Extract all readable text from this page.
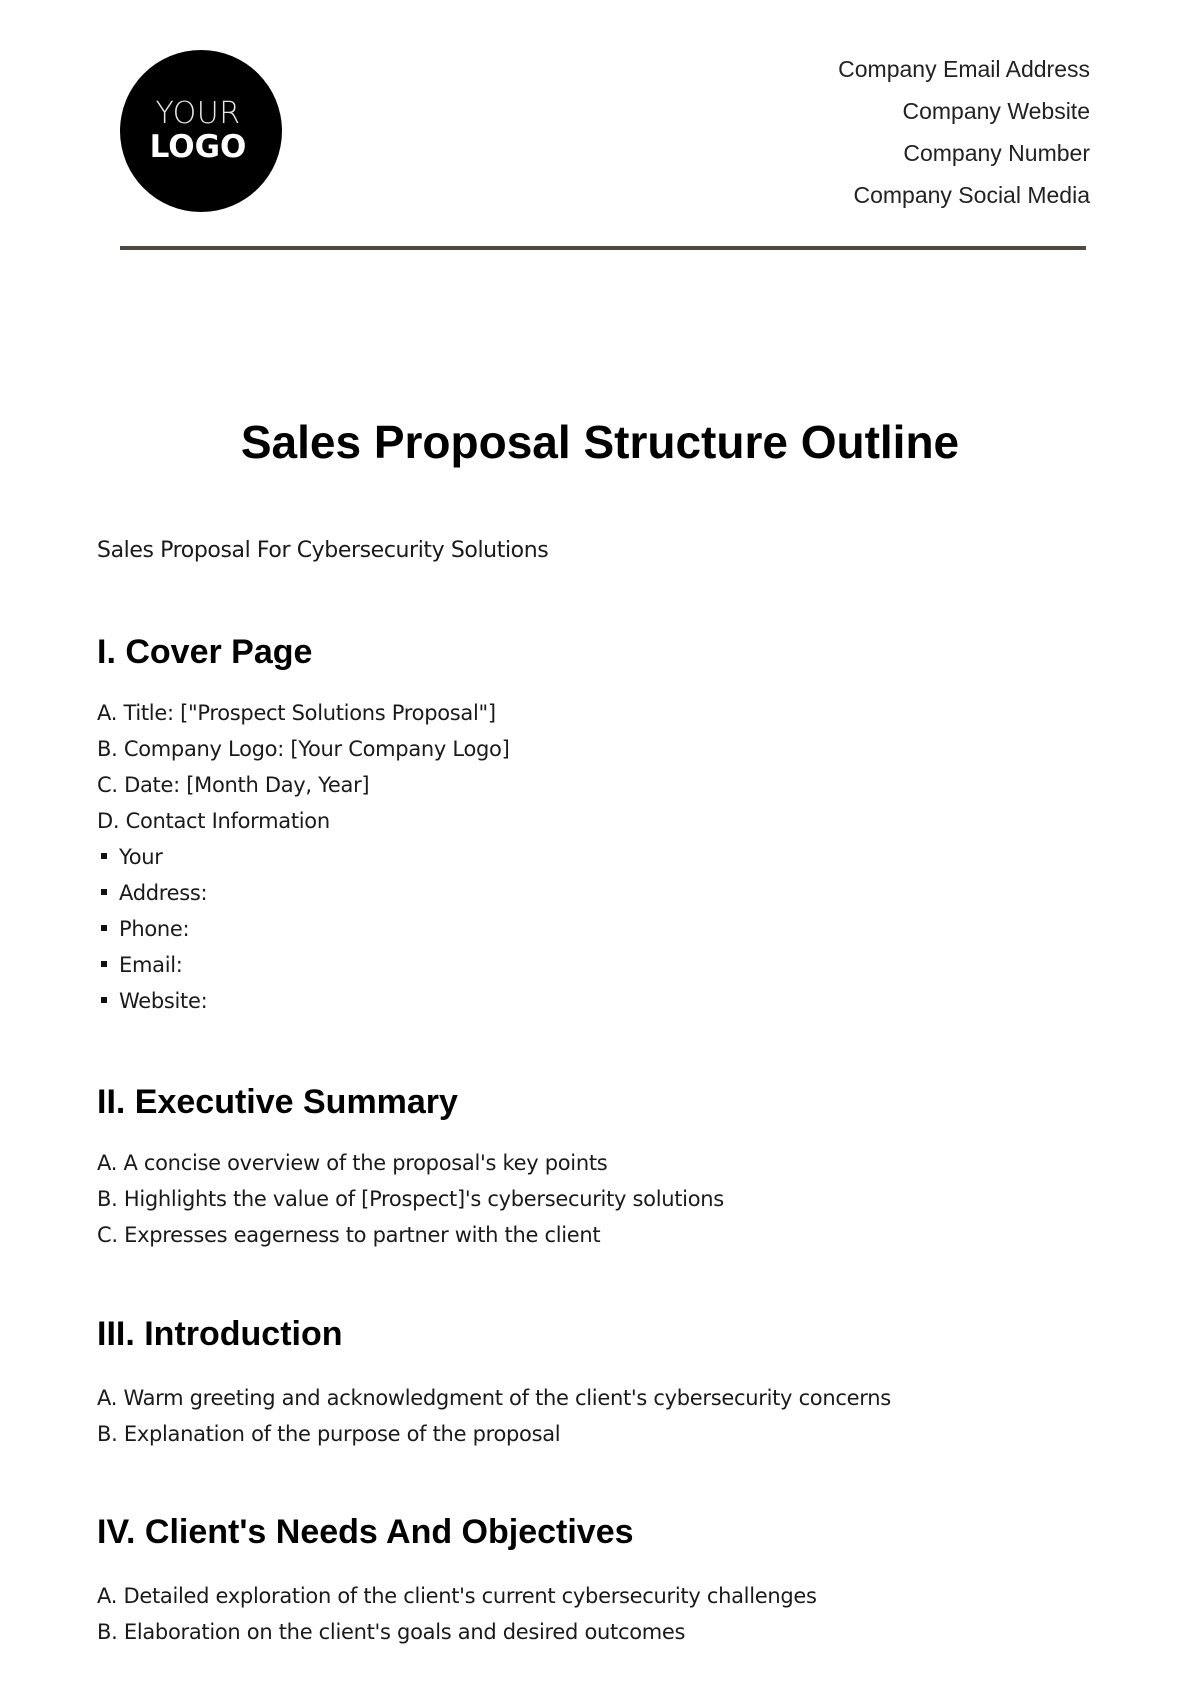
YOUR
LOGO
Company Email Address
Company Website
Company Number
Company Social Media
Sales Proposal Structure Outline
Sales Proposal For Cybersecurity Solutions
I. Cover Page
A. Title: ["Prospect Solutions Proposal"]
B. Company Logo: [Your Company Logo]
C. Date: [Month Day, Year]
D. Contact Information
Your
Address:
Phone:
Email:
Website:
II. Executive Summary
A. A concise overview of the proposal's key points
B. Highlights the value of [Prospect]'s cybersecurity solutions
C. Expresses eagerness to partner with the client
III. Introduction
A. Warm greeting and acknowledgment of the client's cybersecurity concerns
B. Explanation of the purpose of the proposal
IV. Client's Needs And Objectives
A. Detailed exploration of the client's current cybersecurity challenges
B. Elaboration on the client's goals and desired outcomes
